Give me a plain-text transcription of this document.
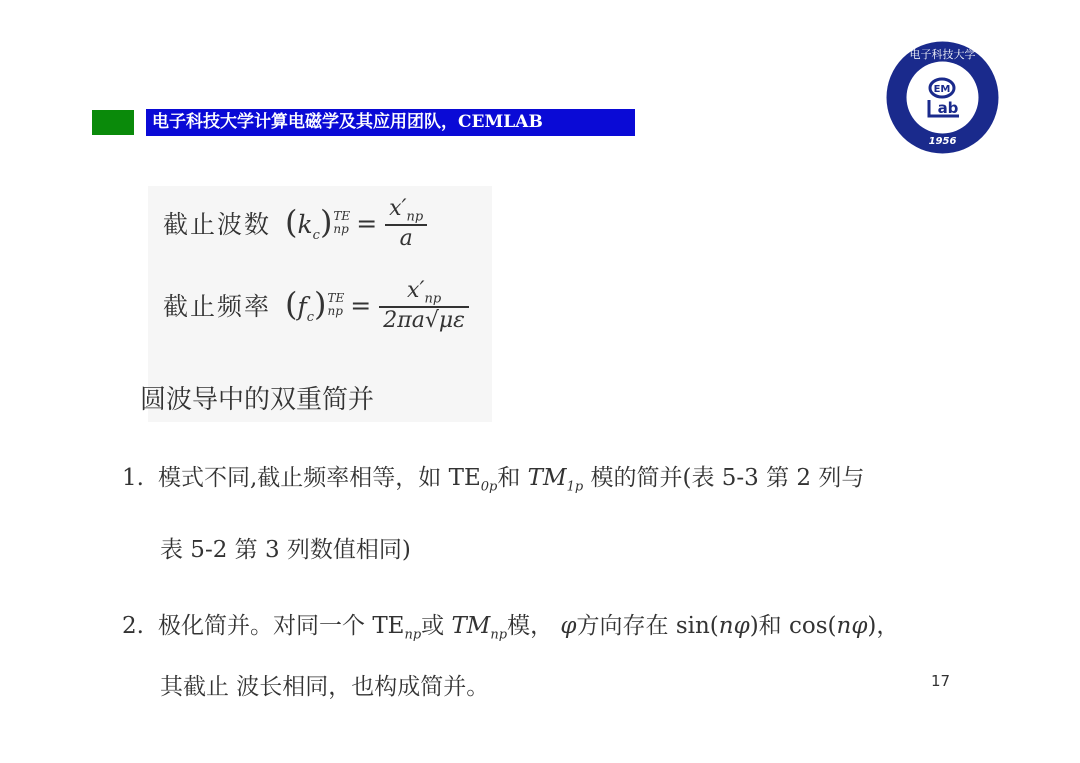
电子科技大学计算电磁学及其应用团队，CEMLAB
电子科技大学
EM
ab
1956
截止波数 $(k_c)$ TE
np = $\frac{x'_{np}}{a}$
截止频率 $(f_c)$ TE
np = $\frac{x'_{np}}{2\pi a√\mu\varepsilon}$
圆波导中的双重简并
1. 模式不同,截止频率相等，如 $TE_{0p}$和 $TM_{1p}$ 模的简并(表 5-3 第 2 列与
表 5-2 第 3 列数值相同)
2. 极化简并。对同一个 $TE_{np}$或 $TM_{np}$模， φ方向存在 sin(nφ)和 cos(nφ)，
其截止 波长相同，也构成简并。	17
